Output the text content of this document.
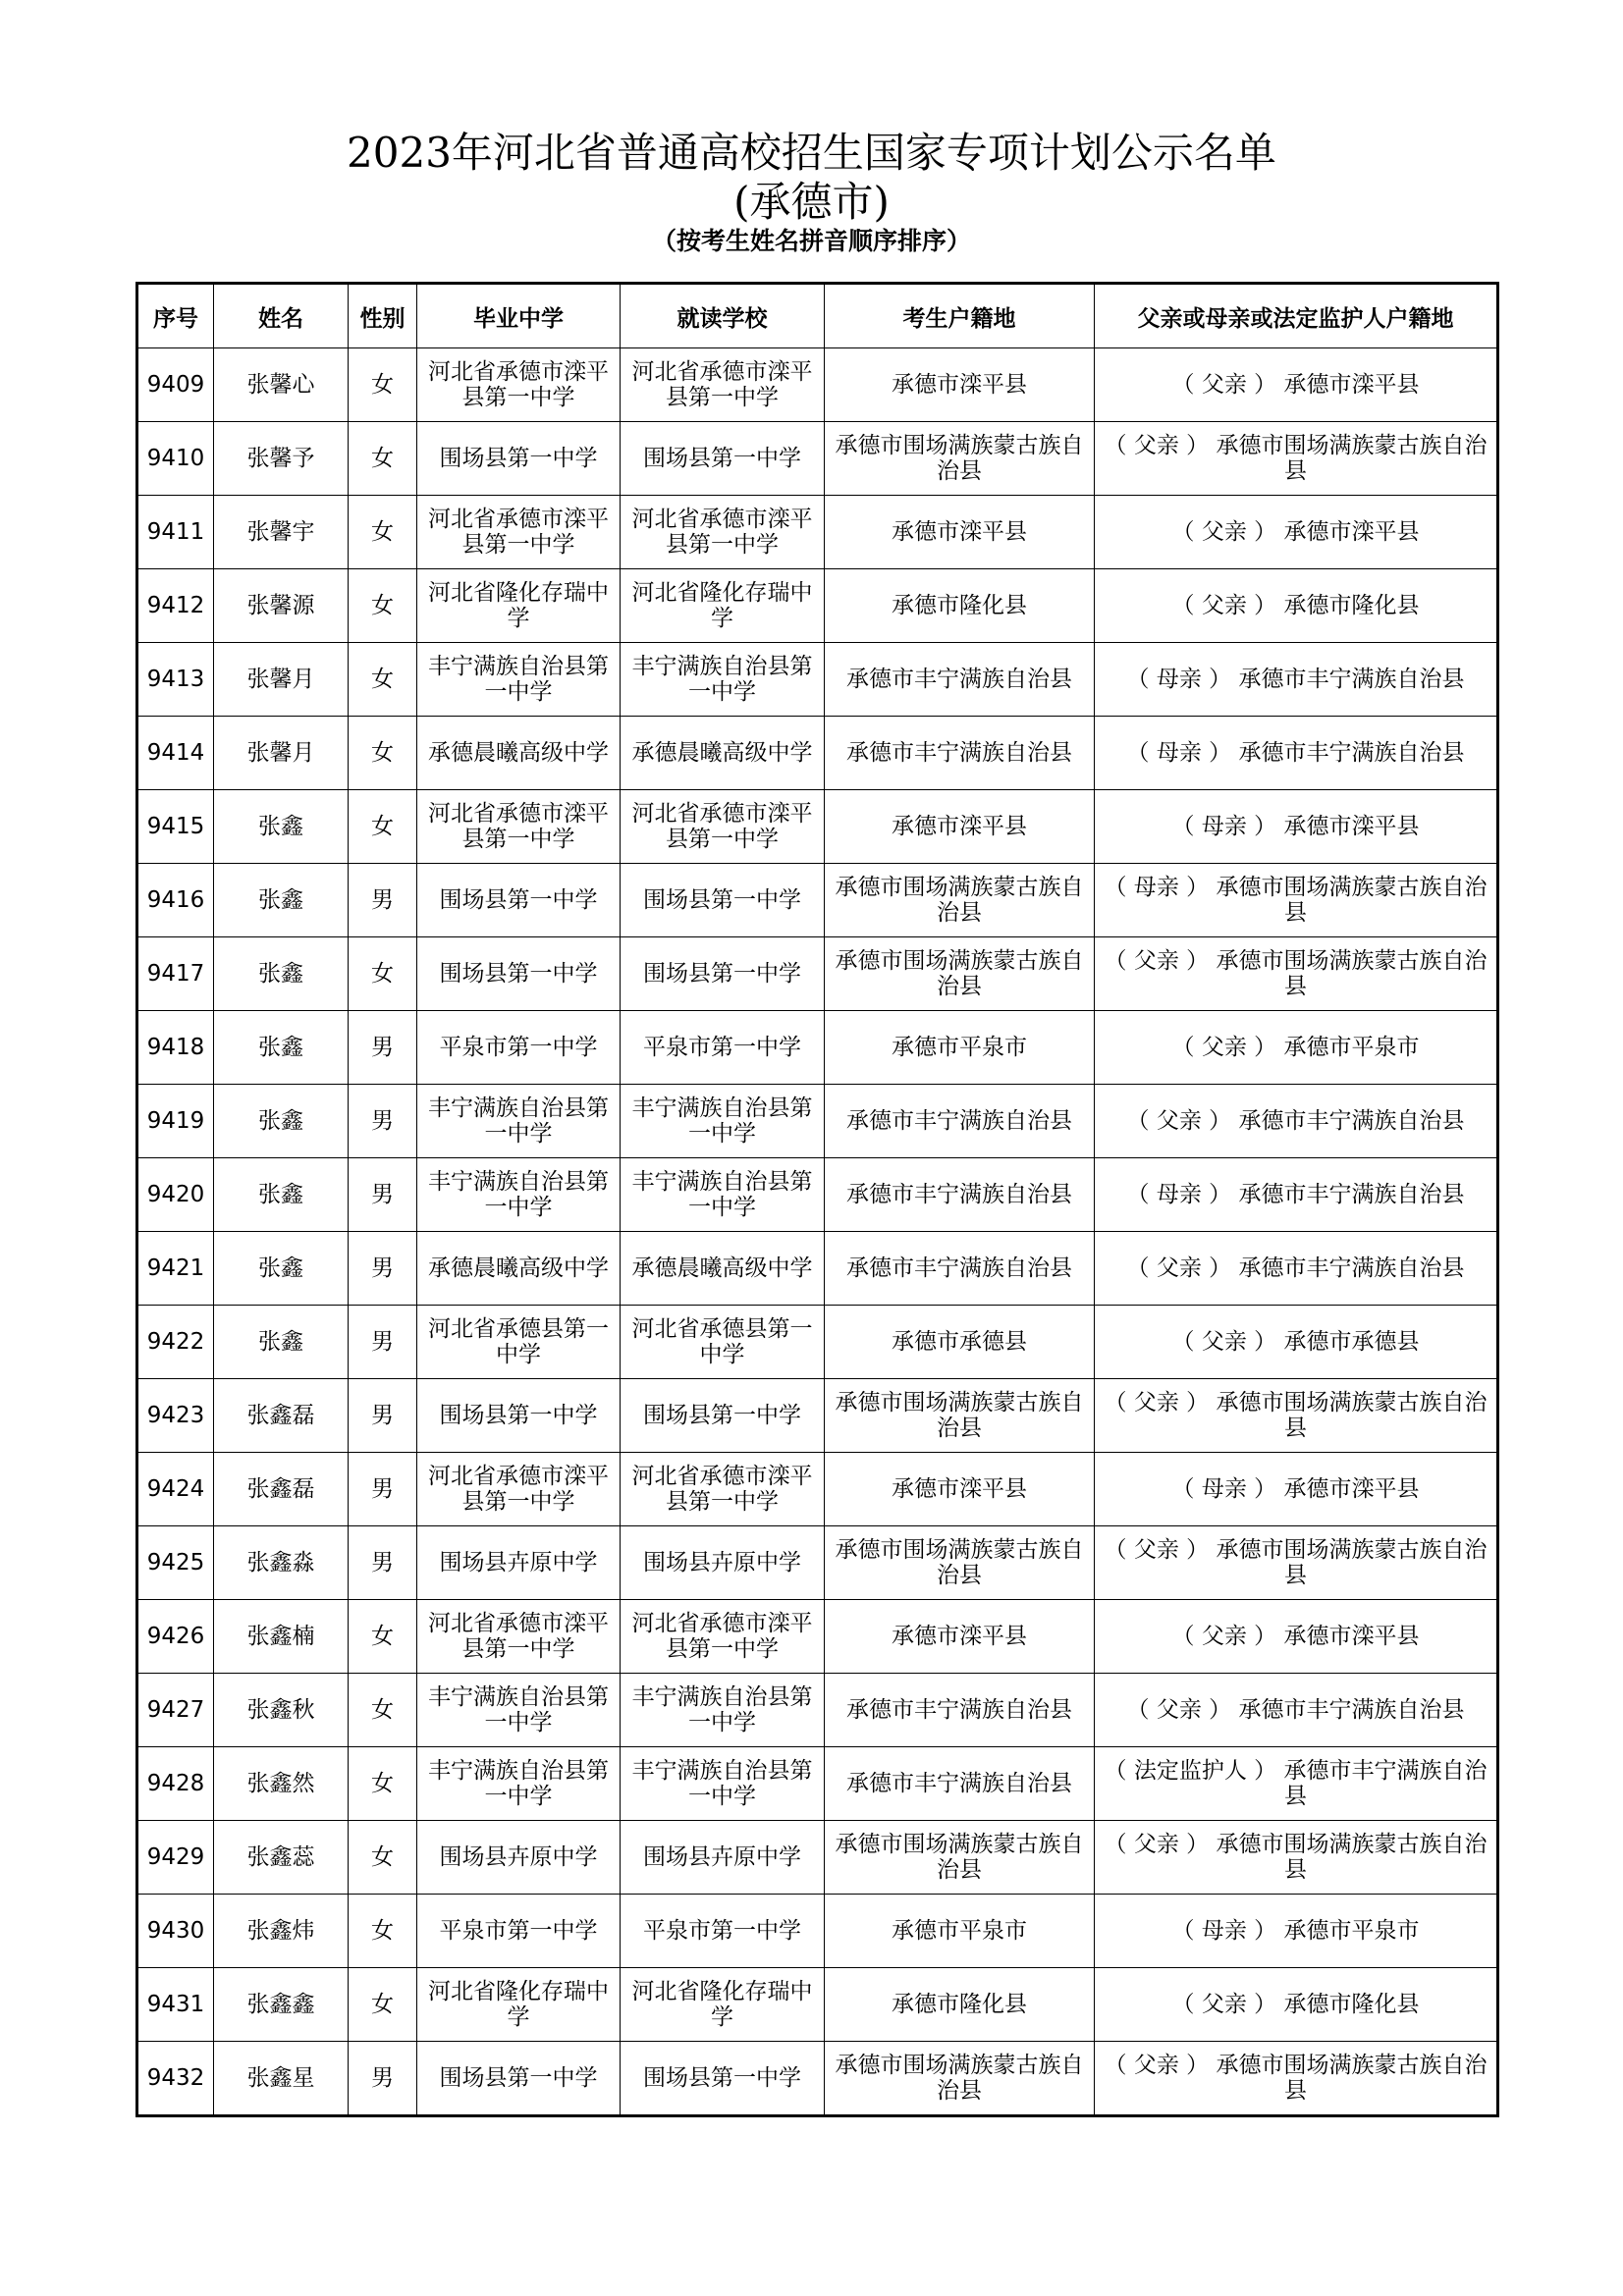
2023年河北省普通高校招生国家专项计划公示名单
(承德市)
（按考生姓名拼音顺序排序）
序号	姓名	性别	毕业中学	就读学校	考生户籍地	父亲或母亲或法定监护人户籍地
9409	张馨心	女	河北省承德市滦平县第一中学	河北省承德市滦平县第一中学	承德市滦平县	（ 父亲 ） 承德市滦平县
9410	张馨予	女	围场县第一中学	围场县第一中学	承德市围场满族蒙古族自治县	（ 父亲 ） 承德市围场满族蒙古族自治县
9411	张馨宇	女	河北省承德市滦平县第一中学	河北省承德市滦平县第一中学	承德市滦平县	（ 父亲 ） 承德市滦平县
9412	张馨源	女	河北省隆化存瑞中学	河北省隆化存瑞中学	承德市隆化县	（ 父亲 ） 承德市隆化县
9413	张馨月	女	丰宁满族自治县第一中学	丰宁满族自治县第一中学	承德市丰宁满族自治县	（ 母亲 ） 承德市丰宁满族自治县
9414	张馨月	女	承德晨曦高级中学	承德晨曦高级中学	承德市丰宁满族自治县	（ 母亲 ） 承德市丰宁满族自治县
9415	张鑫	女	河北省承德市滦平县第一中学	河北省承德市滦平县第一中学	承德市滦平县	（ 母亲 ） 承德市滦平县
9416	张鑫	男	围场县第一中学	围场县第一中学	承德市围场满族蒙古族自治县	（ 母亲 ） 承德市围场满族蒙古族自治县
9417	张鑫	女	围场县第一中学	围场县第一中学	承德市围场满族蒙古族自治县	（ 父亲 ） 承德市围场满族蒙古族自治县
9418	张鑫	男	平泉市第一中学	平泉市第一中学	承德市平泉市	（ 父亲 ） 承德市平泉市
9419	张鑫	男	丰宁满族自治县第一中学	丰宁满族自治县第一中学	承德市丰宁满族自治县	（ 父亲 ） 承德市丰宁满族自治县
9420	张鑫	男	丰宁满族自治县第一中学	丰宁满族自治县第一中学	承德市丰宁满族自治县	（ 母亲 ） 承德市丰宁满族自治县
9421	张鑫	男	承德晨曦高级中学	承德晨曦高级中学	承德市丰宁满族自治县	（ 父亲 ） 承德市丰宁满族自治县
9422	张鑫	男	河北省承德县第一中学	河北省承德县第一中学	承德市承德县	（ 父亲 ） 承德市承德县
9423	张鑫磊	男	围场县第一中学	围场县第一中学	承德市围场满族蒙古族自治县	（ 父亲 ） 承德市围场满族蒙古族自治县
9424	张鑫磊	男	河北省承德市滦平县第一中学	河北省承德市滦平县第一中学	承德市滦平县	（ 母亲 ） 承德市滦平县
9425	张鑫淼	男	围场县卉原中学	围场县卉原中学	承德市围场满族蒙古族自治县	（ 父亲 ） 承德市围场满族蒙古族自治县
9426	张鑫楠	女	河北省承德市滦平县第一中学	河北省承德市滦平县第一中学	承德市滦平县	（ 父亲 ） 承德市滦平县
9427	张鑫秋	女	丰宁满族自治县第一中学	丰宁满族自治县第一中学	承德市丰宁满族自治县	（ 父亲 ） 承德市丰宁满族自治县
9428	张鑫然	女	丰宁满族自治县第一中学	丰宁满族自治县第一中学	承德市丰宁满族自治县	（ 法定监护人 ） 承德市丰宁满族自治县
9429	张鑫蕊	女	围场县卉原中学	围场县卉原中学	承德市围场满族蒙古族自治县	（ 父亲 ） 承德市围场满族蒙古族自治县
9430	张鑫炜	女	平泉市第一中学	平泉市第一中学	承德市平泉市	（ 母亲 ） 承德市平泉市
9431	张鑫鑫	女	河北省隆化存瑞中学	河北省隆化存瑞中学	承德市隆化县	（ 父亲 ） 承德市隆化县
9432	张鑫星	男	围场县第一中学	围场县第一中学	承德市围场满族蒙古族自治县	（ 父亲 ） 承德市围场满族蒙古族自治县
